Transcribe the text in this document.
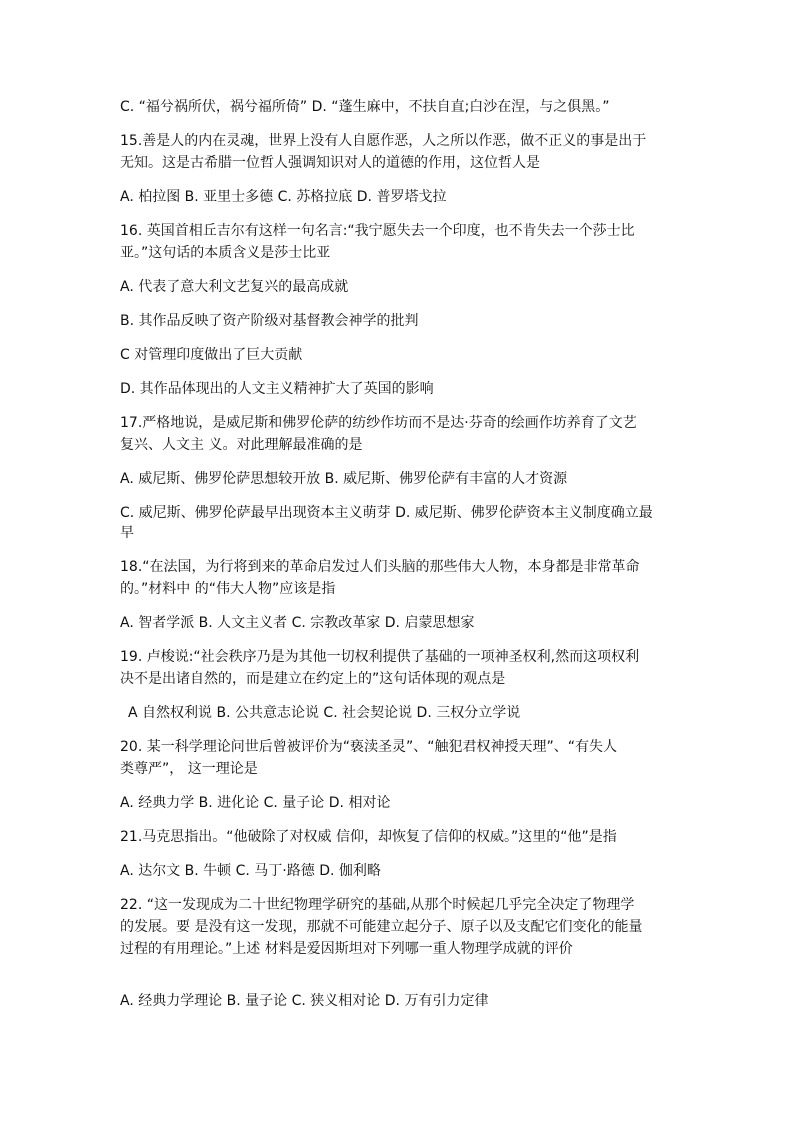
C. “福兮祸所伏，祸兮福所倚” D. “蓬生麻中，不扶自直;白沙在涅，与之俱黑。”
15.善是人的内在灵魂，世界上没有人自愿作恶，人之所以作恶，做不正义的事是出于
无知。这是古希腊一位哲人强调知识对人的道德的作用，这位哲人是
A. 柏拉图 B. 亚里士多德 C. 苏格拉底 D. 普罗塔戈拉
16. 英国首相丘吉尔有这样一句名言:“我宁愿失去一个印度，也不肯失去一个莎士比
亚。”这句话的本质含义是莎士比亚
A. 代表了意大利文艺复兴的最高成就
B. 其作品反映了资产阶级对基督教会神学的批判
C 对管理印度做出了巨大贡献
D. 其作品体现出的人文主义精神扩大了英国的影响
17.严格地说，是威尼斯和佛罗伦萨的纺纱作坊而不是达·芬奇的绘画作坊养育了文艺
复兴、人文主 义。对此理解最准确的是
A. 威尼斯、佛罗伦萨思想较开放 B. 威尼斯、佛罗伦萨有丰富的人才资源
C. 威尼斯、佛罗伦萨最早出现资本主义萌芽 D. 威尼斯、佛罗伦萨资本主义制度确立最
早
18.“在法国，为行将到来的革命启发过人们头脑的那些伟大人物，本身都是非常革命
的。”材料中 的“伟大人物”应该是指
A. 智者学派 B. 人文主义者 C. 宗教改革家 D. 启蒙思想家
19. 卢梭说:“社会秩序乃是为其他一切权利提供了基础的一项神圣权利,然而这项权利
决不是出诸自然的，而是建立在约定上的”这句话体现的观点是
A 自然权利说 B. 公共意志论说 C. 社会契论说 D. 三权分立学说
20. 某一科学理论问世后曾被评价为“亵渎圣灵”、“触犯君权神授天理”、“有失人
类尊严”， 这一理论是
A. 经典力学 B. 进化论 C. 量子论 D. 相对论
21.马克思指出。“他破除了对权威 信仰，却恢复了信仰的权威。”这里的“他”是指
A. 达尔文 B. 牛顿 C. 马丁·路德 D. 伽利略
22. “这一发现成为二十世纪物理学研究的基础,从那个时候起几乎完全决定了物理学
的发展。要 是没有这一发现，那就不可能建立起分子、原子以及支配它们变化的能量
过程的有用理论。”上述 材料是爱因斯坦对下列哪一重人物理学成就的评价
A. 经典力学理论 B. 量子论 C. 狭义相对论 D. 万有引力定律
